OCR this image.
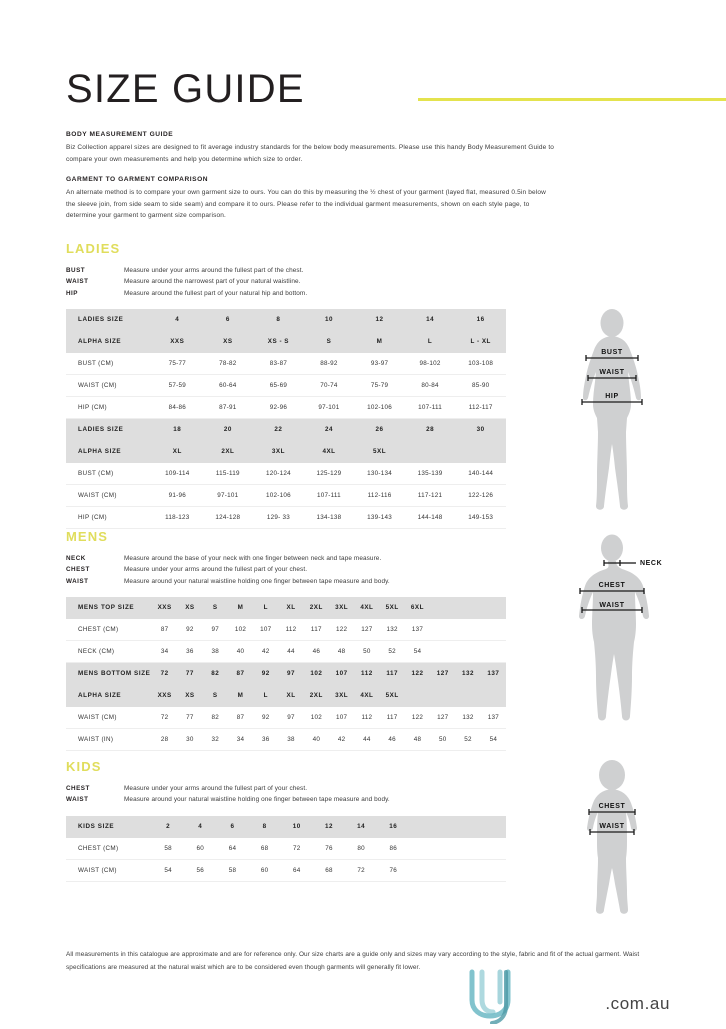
SIZE GUIDE

BODY MEASUREMENT GUIDE

Biz Collection apparel sizes are designed to fit average industry standards for the below body measurements. Please use this handy Body Measurement Guide to compare your own measurements and help you determine which size to order.

GARMENT TO GARMENT COMPARISON

An alternate method is to compare your own garment size to ours. You can do this by measuring the ½ chest of your garment (layed flat, measured 0.5in below the sleeve join, from side seam to side seam) and compare it to ours. Please refer to the individual garment measurements, shown on each style page, to determine your garment to garment size comparison.

LADIES

BUST	Measure under your arms around the fullest part of the chest.
WAIST	Measure around the narrowest part of your natural waistline.
HIP	Measure around the fullest part of your natural hip and bottom.
LADIES SIZE	4	6	8	10	12	14	16
ALPHA SIZE	XXS	XS	XS - S	S	M	L	L - XL
BUST (CM)	75-77	78-82	83-87	88-92	93-97	98-102	103-108
WAIST (CM)	57-59	60-64	65-69	70-74	75-79	80-84	85-90
HIP (CM)	84-86	87-91	92-96	97-101	102-106	107-111	112-117
LADIES SIZE	18	20	22	24	26	28	30
ALPHA SIZE	XL	2XL	3XL	4XL	5XL		
BUST (CM)	109-114	115-119	120-124	125-129	130-134	135-139	140-144
WAIST (CM)	91-96	97-101	102-106	107-111	112-116	117-121	122-126
HIP (CM)	118-123	124-128	129- 33	134-138	139-143	144-148	149-153
BUST
WAIST
HIP

MENS

NECK	Measure around the base of your neck with one finger between neck and tape measure.
CHEST	Measure under your arms around the fullest part of your chest.
WAIST	Measure around your natural waistline holding one finger between tape measure and body.
MENS TOP SIZE	XXS	XS	S	M	L	XL	2XL	3XL	4XL	5XL	6XL			
CHEST (CM)	87	92	97	102	107	112	117	122	127	132	137			
NECK (CM)	34	36	38	40	42	44	46	48	50	52	54			
MENS BOTTOM SIZE	72	77	82	87	92	97	102	107	112	117	122	127	132	137
ALPHA SIZE	XXS	XS	S	M	L	XL	2XL	3XL	4XL	5XL				
WAIST (CM)	72	77	82	87	92	97	102	107	112	117	122	127	132	137
WAIST (IN)	28	30	32	34	36	38	40	42	44	46	48	50	52	54
NECK
CHEST
WAIST

KIDS

CHEST	Measure under your arms around the fullest part of your chest.
WAIST	Measure around your natural waistline holding one finger between tape measure and body.
KIDS SIZE	2	4	6	8	10	12	14	16			
CHEST (CM)	58	60	64	68	72	76	80	86			
WAIST (CM)	54	56	58	60	64	68	72	76			
CHEST
WAIST
All measurements in this catalogue are approximate and are for reference only. Our size charts are a guide only and sizes may vary according to the style, fabric and fit of the actual garment. Waist specifications are measured at the natural waist which are to be considered even though garments will generally fit lower.
.com.au
